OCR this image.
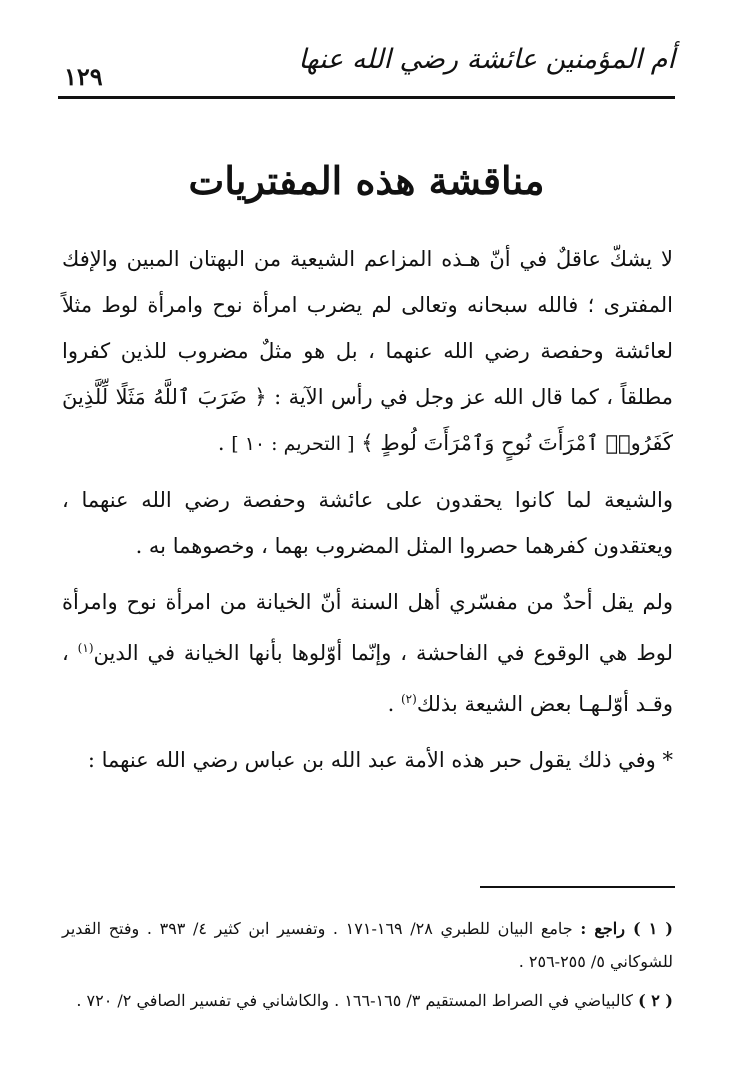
أم المؤمنين عائشة رضي الله عنها
١٢٩
مناقشة هذه المفتريات

لا يشكّ عاقلٌ في أنّ هـذه المزاعم الشيعية من البهتان المبين والإفك المفترى ؛ فالله سبحانه وتعالى لم يضرب امرأة نوح وامرأة لوط مثلاً لعائشة وحفصة رضي الله عنهما ، بل هو مثلٌ مضروب للذين كفروا مطلقاً ، كما قال الله عز وجل في رأس الآية : ﴿ ضَرَبَ ٱللَّهُ مَثَلًا لِّلَّذِينَ كَفَرُوا۟ ٱمْرَأَتَ نُوحٍ وَٱمْرَأَتَ لُوطٍ ﴾ [ التحريم : ١٠ ] .

والشيعة لما كانوا يحقدون على عائشة وحفصة رضي الله عنهما ، ويعتقدون كفرهما حصروا المثل المضروب بهما ، وخصوهما به .

ولم يقل أحدٌ من مفسّري أهل السنة أنّ الخيانة من امرأة نوح وامرأة لوط هي الوقوع في الفاحشة ، وإنّما أوّلوها بأنها الخيانة في الدين$^{(١)}$ ، وقـد أوّلـهـا بعض الشيعة بذلك$^{(٢)}$ .

* وفي ذلك يقول حبر هذه الأمة عبد الله بن عباس رضي الله عنهما :

( ١ ) راجع : جامع البيان للطبري ٢٨/ ١٦٩-١٧١ . وتفسير ابن كثير ٤/ ٣٩٣ . وفتح القدير للشوكاني ٥/ ٢٥٥-٢٥٦ .

( ٢ ) كالبياضي في الصراط المستقيم ٣/ ١٦٥-١٦٦ . والكاشاني في تفسير الصافي ٢/ ٧٢٠ .
